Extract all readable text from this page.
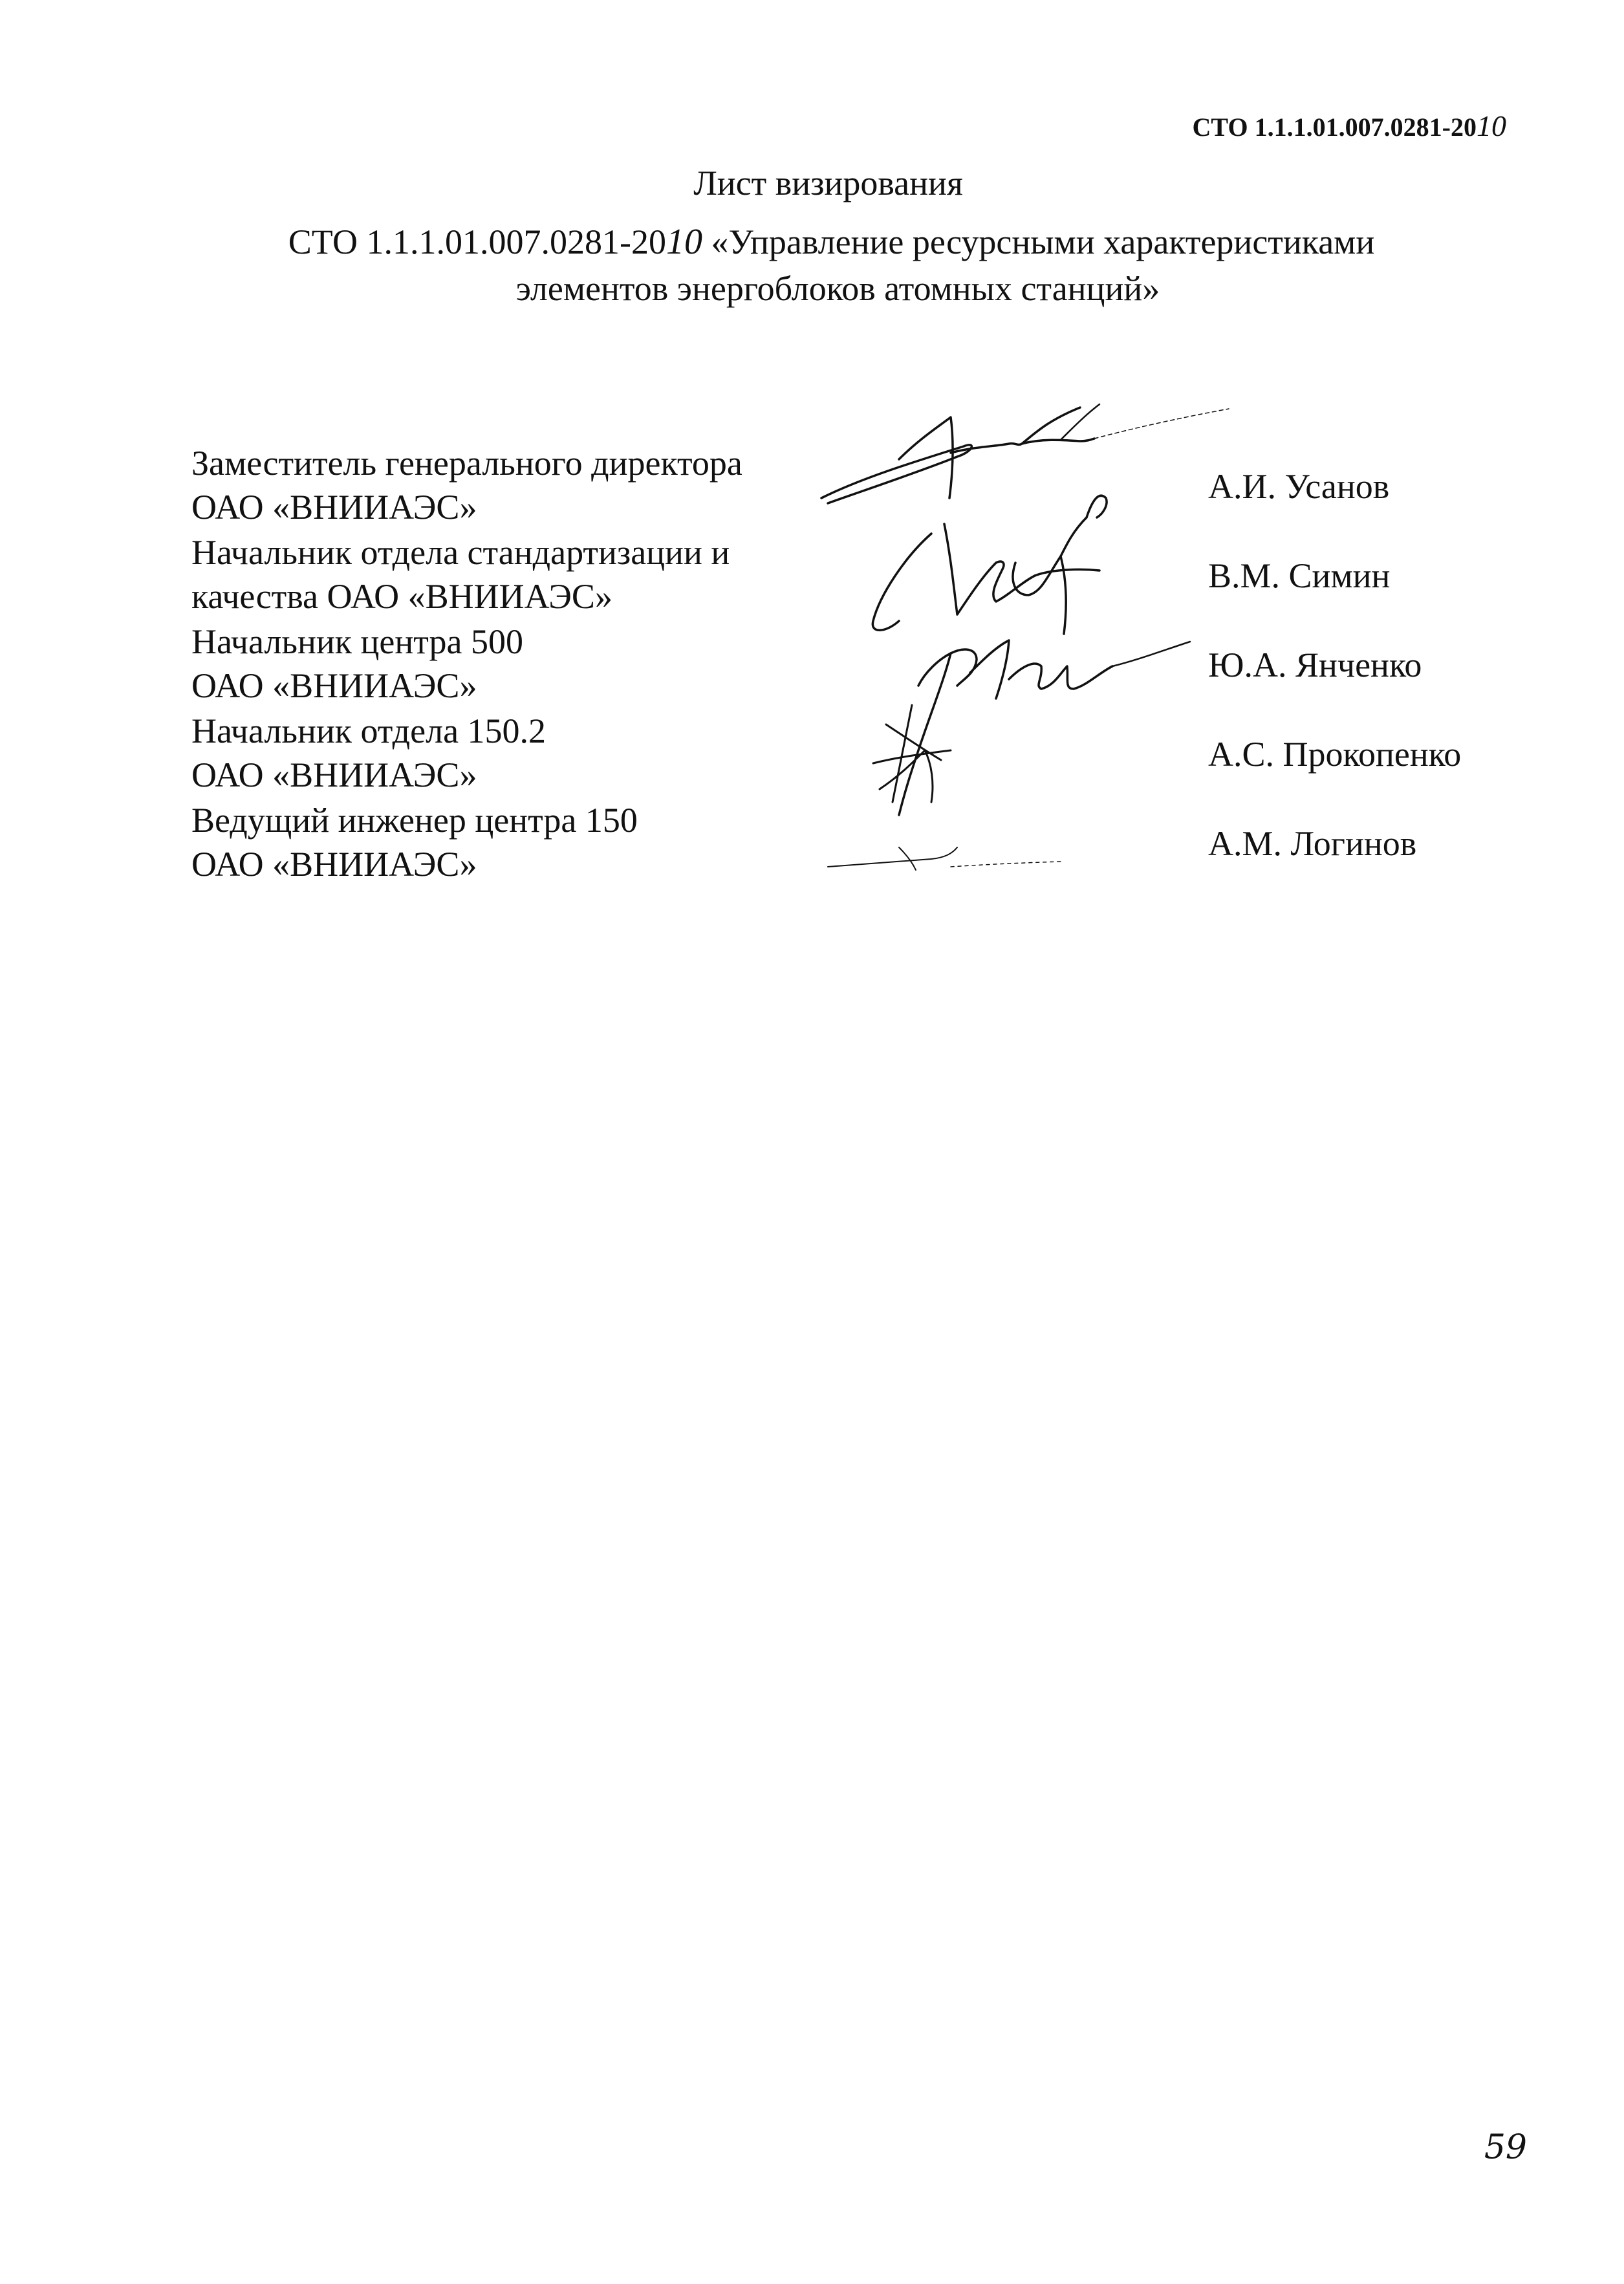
СТО 1.1.1.01.007.0281-2010
Лист визирования
СТО 1.1.1.01.007.0281-2010 «Управление ресурсными характеристиками
элементов энергоблоков атомных станций»
Заместитель генерального директора
ОАО «ВНИИАЭС»
А.И. Усанов
Начальник отдела стандартизации и
качества ОАО «ВНИИАЭС»
В.М. Симин
Начальник центра 500
ОАО «ВНИИАЭС»
Ю.А. Янченко
Начальник отдела 150.2
ОАО «ВНИИАЭС»
А.С. Прокопенко
Ведущий инженер центра 150
ОАО «ВНИИАЭС»
А.М. Логинов
59
